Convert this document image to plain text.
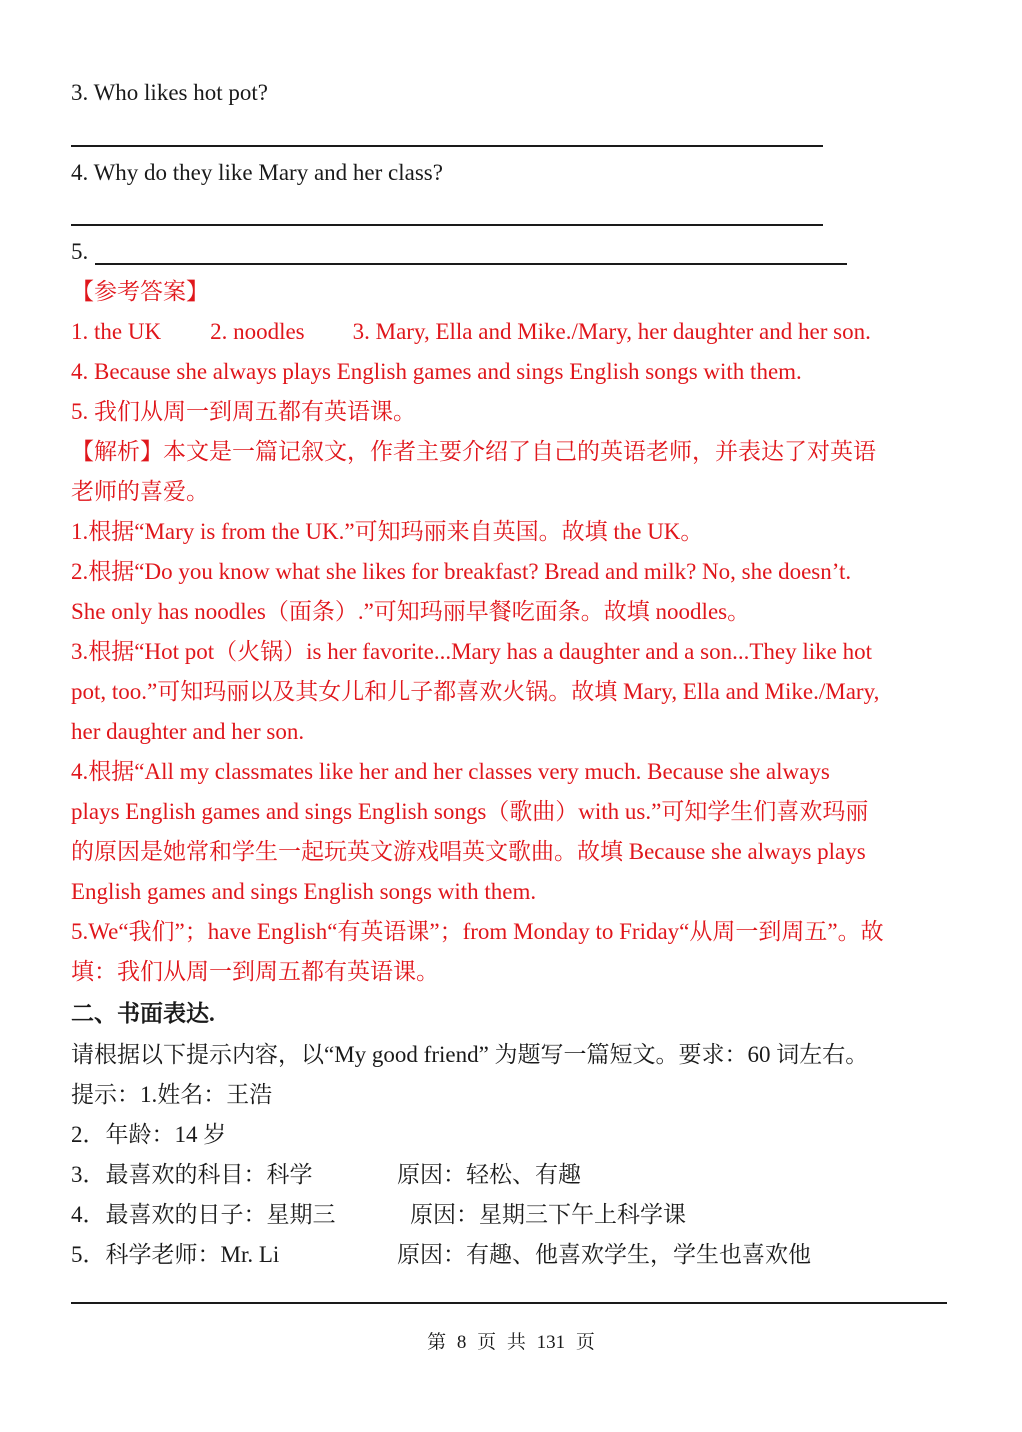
3. Who likes hot pot?
4. Why do they like Mary and her class?
5.
【参考答案】
1. the UK 2. noodles 3. Mary, Ella and Mike./Mary, her daughter and her son.
4. Because she always plays English games and sings English songs with them.
5. 我们从周一到周五都有英语课。
【解析】本文是一篇记叙文，作者主要介绍了自己的英语老师，并表达了对英语
老师的喜爱。
1.根据“Mary is from the UK.”可知玛丽来自英国。故填 the UK。
2.根据“Do you know what she likes for breakfast? Bread and milk? No, she doesn’t.
She only has noodles（面条）.”可知玛丽早餐吃面条。故填 noodles。
3.根据“Hot pot（火锅）is her favorite...Mary has a daughter and a son...They like hot
pot, too.”可知玛丽以及其女儿和儿子都喜欢火锅。故填 Mary, Ella and Mike./Mary,
her daughter and her son.
4.根据“All my classmates like her and her classes very much. Because she always
plays English games and sings English songs（歌曲）with us.”可知学生们喜欢玛丽
的原因是她常和学生一起玩英文游戏唱英文歌曲。故填 Because she always plays
English games and sings English songs with them.
5.We“我们”；have English“有英语课”；from Monday to Friday“从周一到周五”。故
填：我们从周一到周五都有英语课。
二、书面表达.
请根据以下提示内容，以“My good friend” 为题写一篇短文。要求：60 词左右。
提示：1.姓名：王浩
2．年龄：14 岁
3．最喜欢的科目：科学	原因：轻松、有趣
4．最喜欢的日子：星期三	原因：星期三下午上科学课
5．科学老师：Mr. Li	原因：有趣、他喜欢学生，学生也喜欢他
第 8 页 共 131 页
